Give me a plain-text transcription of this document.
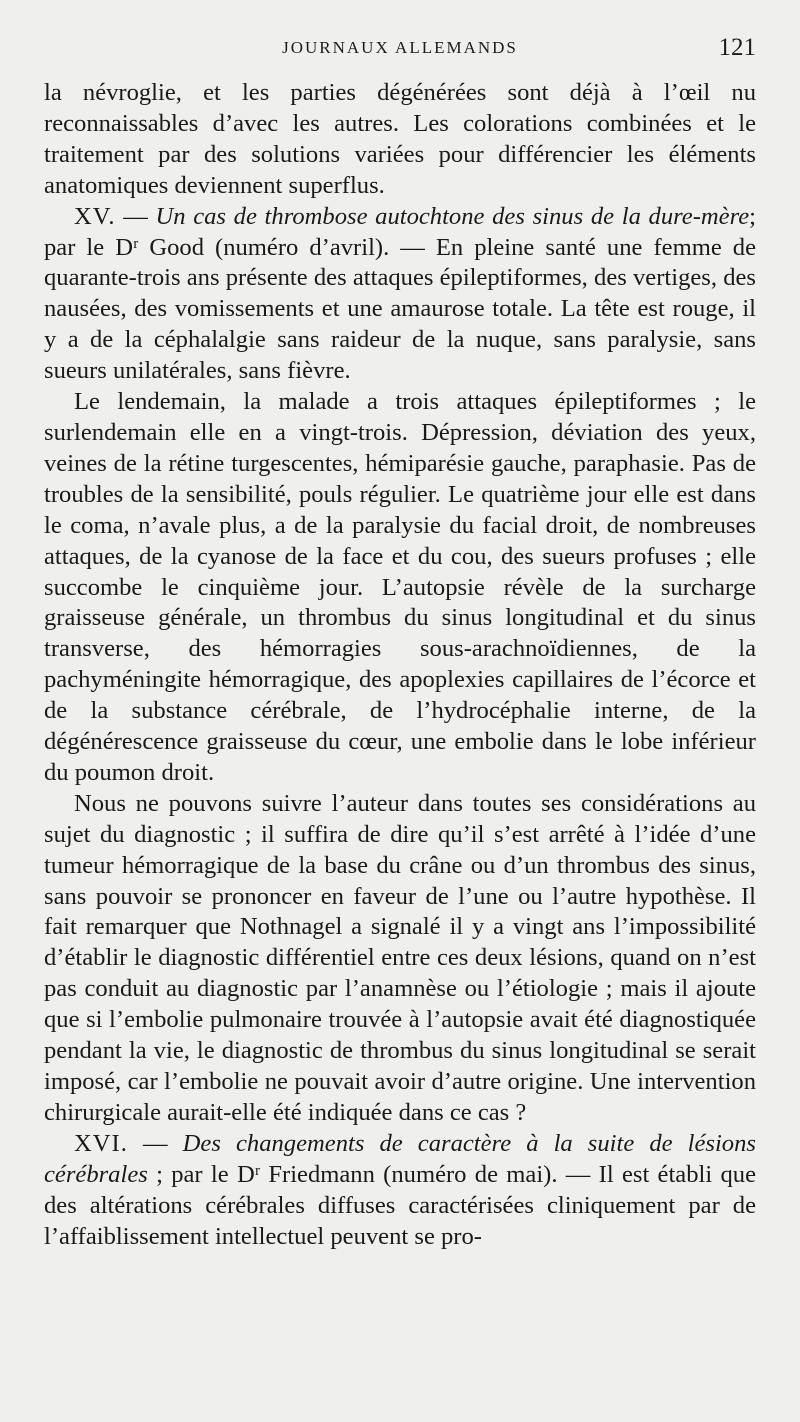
JOURNAUX ALLEMANDS	121

la névroglie, et les parties dégénérées sont déjà à l’œil nu reconnaissables d’avec les autres. Les colorations combinées et le traitement par des solutions variées pour différencier les éléments anatomiques deviennent superflus.

XV. — Un cas de thrombose autochtone des sinus de la dure-mère; par le Dʳ Good (numéro d’avril). — En pleine santé une femme de quarante-trois ans présente des attaques épileptiformes, des vertiges, des nausées, des vomissements et une amaurose totale. La tête est rouge, il y a de la céphalalgie sans raideur de la nuque, sans paralysie, sans sueurs unilatérales, sans fièvre.

Le lendemain, la malade a trois attaques épileptiformes ; le surlendemain elle en a vingt-trois. Dépression, déviation des yeux, veines de la rétine turgescentes, hémiparésie gauche, paraphasie. Pas de troubles de la sensibilité, pouls régulier. Le quatrième jour elle est dans le coma, n’avale plus, a de la paralysie du facial droit, de nombreuses attaques, de la cyanose de la face et du cou, des sueurs profuses ; elle succombe le cinquième jour. L’autopsie révèle de la surcharge graisseuse générale, un thrombus du sinus longitudinal et du sinus transverse, des hémorragies sous-arachnoïdiennes, de la pachyméningite hémorragique, des apoplexies capillaires de l’écorce et de la substance cérébrale, de l’hydrocéphalie interne, de la dégénérescence graisseuse du cœur, une embolie dans le lobe inférieur du poumon droit.

Nous ne pouvons suivre l’auteur dans toutes ses considérations au sujet du diagnostic ; il suffira de dire qu’il s’est arrêté à l’idée d’une tumeur hémorragique de la base du crâne ou d’un thrombus des sinus, sans pouvoir se prononcer en faveur de l’une ou l’autre hypothèse. Il fait remarquer que Nothnagel a signalé il y a vingt ans l’impossibilité d’établir le diagnostic différentiel entre ces deux lésions, quand on n’est pas conduit au diagnostic par l’anamnèse ou l’étiologie ; mais il ajoute que si l’embolie pulmonaire trouvée à l’autopsie avait été diagnostiquée pendant la vie, le diagnostic de thrombus du sinus longitudinal se serait imposé, car l’embolie ne pouvait avoir d’autre origine. Une intervention chirurgicale aurait-elle été indiquée dans ce cas ?

XVI. — Des changements de caractère à la suite de lésions cérébrales ; par le Dʳ Friedmann (numéro de mai). — Il est établi que des altérations cérébrales diffuses caractérisées cliniquement par de l’affaiblissement intellectuel peuvent se pro-
